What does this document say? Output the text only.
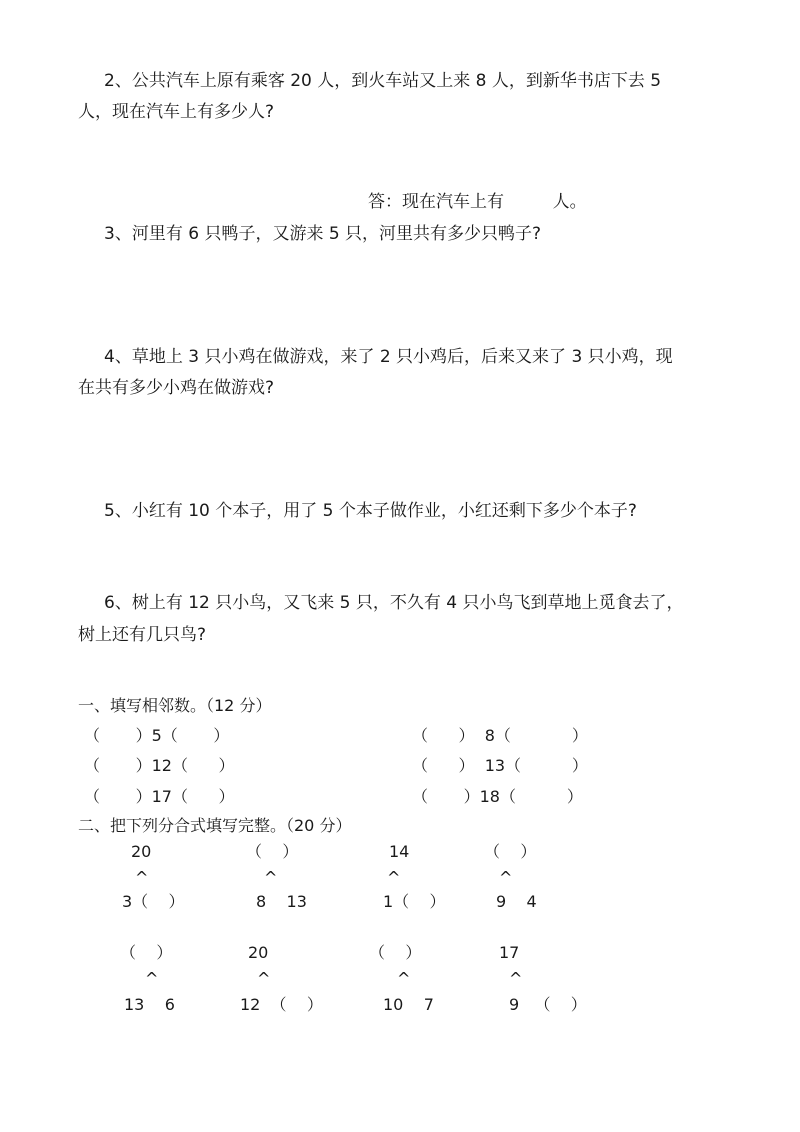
2、公共汽车上原有乘客 20 人，到火车站又上来 8 人，到新华书店下去 5
人，现在汽车上有多少人?
答：现在汽车上有         人。
3、河里有 6 只鸭子，又游来 5 只，河里共有多少只鸭子?
4、草地上 3 只小鸡在做游戏，来了 2 只小鸡后，后来又来了 3 只小鸡，现
在共有多少小鸡在做游戏?
5、小红有 10 个本子，用了 5 个本子做作业，小红还剩下多少个本子?
6、树上有 12 只小鸟，又飞来 5 只，不久有 4 只小鸟飞到草地上觅食去了，
树上还有几只鸟?
一、填写相邻数。（12 分）
（       ）5（       ）	（      ）  8（            ）
（       ）12（      ）	（      ）  13（          ）
（       ）17（      ）	（       ）18（          ）
二、把下列分合式填写完整。（20 分）
20
^
3（    ）
（    ）
^
8    13
14
^
1（    ）
（    ）
^
9    4
（    ）
^
13    6
20
^
12  （    ）
（    ）
^
10    7
17
^
9   （    ）
